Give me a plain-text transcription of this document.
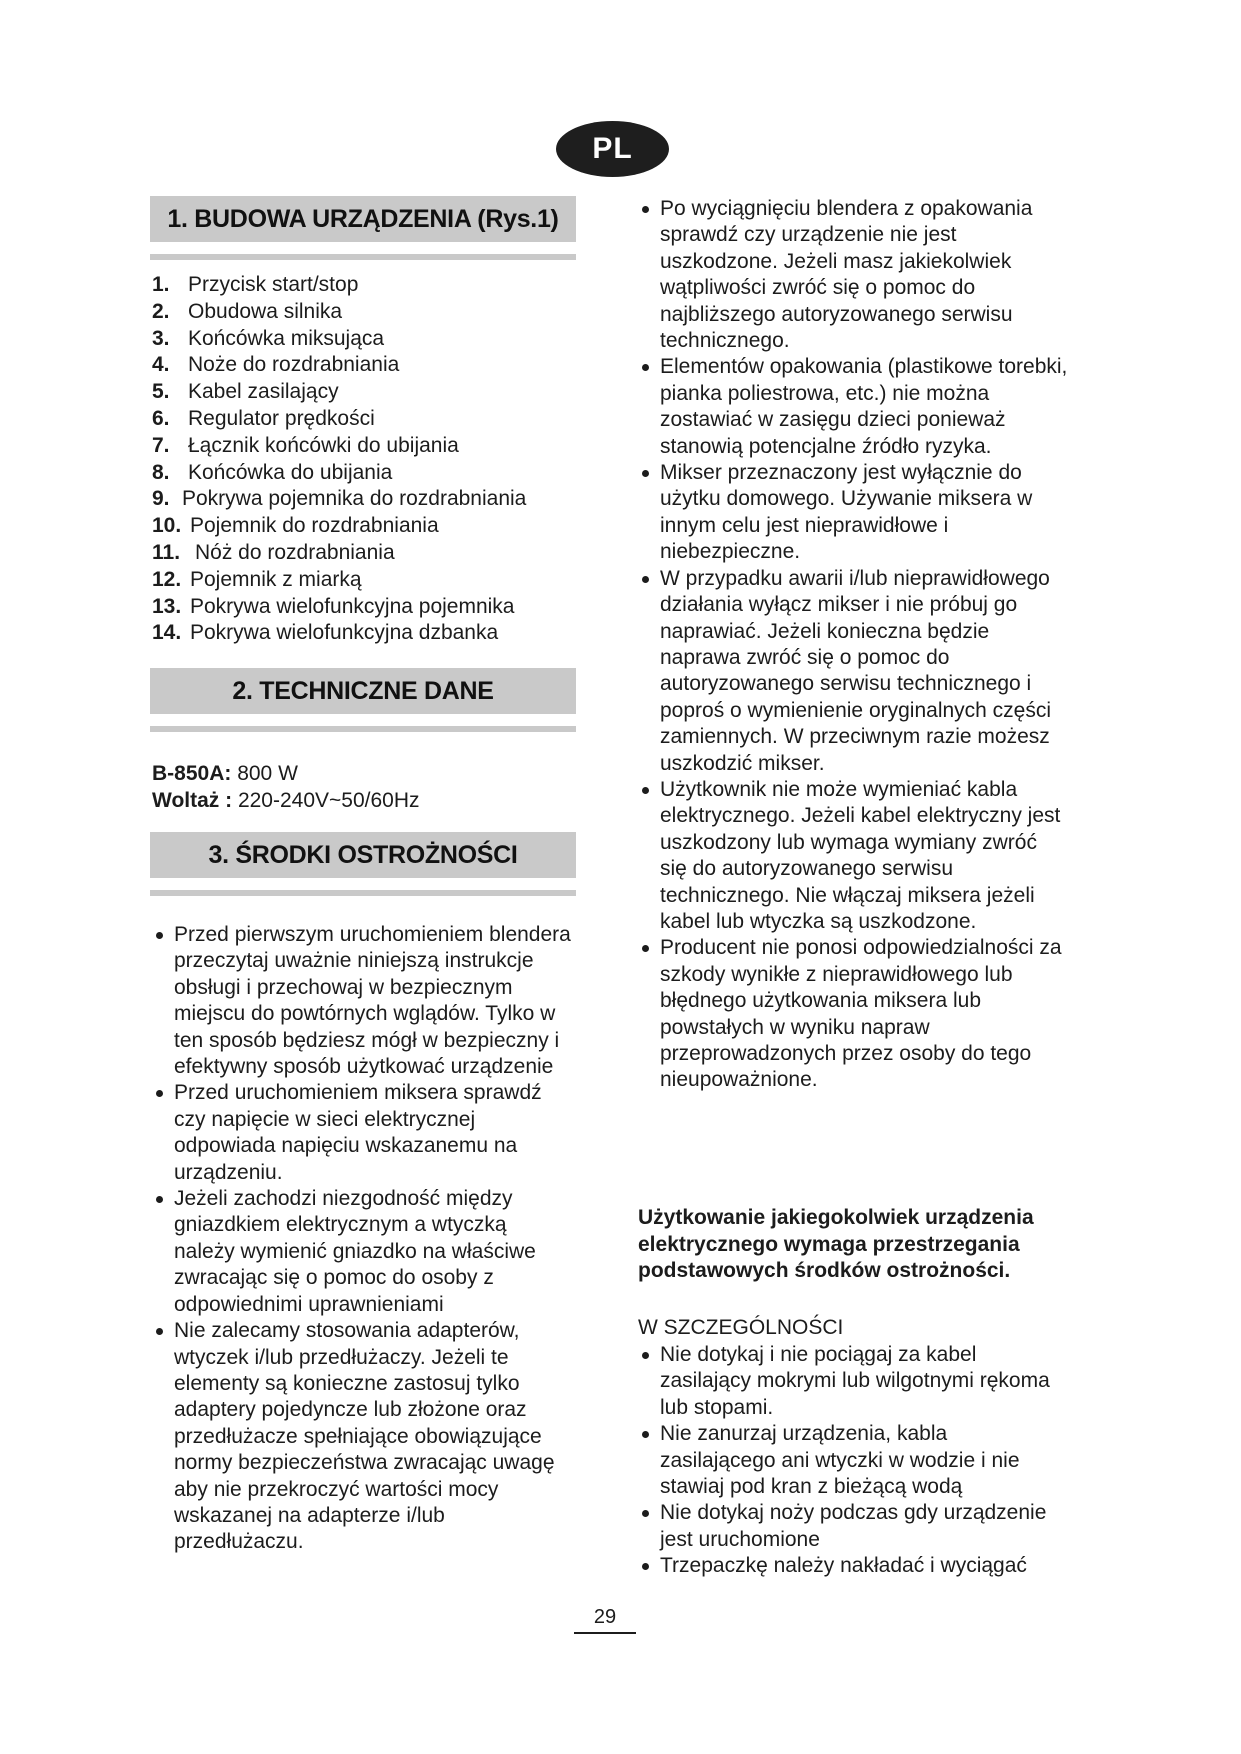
PL
1. BUDOWA URZĄDZENIA (Rys.1)
1. Przycisk start/stop
2. Obudowa silnika
3. Końcówka miksująca
4. Noże do rozdrabniania
5. Kabel zasilający
6. Regulator prędkości
7. Łącznik końcówki do ubijania
8. Końcówka do ubijania
9. Pokrywa pojemnika do rozdrabniania
10. Pojemnik do rozdrabniania
11. Nóż do rozdrabniania
12. Pojemnik z miarką
13. Pokrywa wielofunkcyjna pojemnika
14. Pokrywa wielofunkcyjna dzbanka
2. TECHNICZNE DANE
B-850A: 800 W
Woltaż : 220-240V~50/60Hz
3. ŚRODKI OSTROŻNOŚCI
Przed pierwszym uruchomieniem blendera przeczytaj uważnie niniejszą instrukcje obsługi i przechowaj w bezpiecznym miejscu do powtórnych wglądów. Tylko w ten sposób będziesz mógł w bezpieczny i efektywny sposób użytkować urządzenie
Przed uruchomieniem miksera sprawdź czy napięcie w sieci elektrycznej odpowiada napięciu wskazanemu na urządzeniu.
Jeżeli zachodzi niezgodność między gniazdkiem elektrycznym a wtyczką należy wymienić gniazdko na właściwe zwracając się o pomoc do osoby z odpowiednimi uprawnieniami
Nie zalecamy stosowania adapterów, wtyczek i/lub przedłużaczy. Jeżeli te elementy są konieczne zastosuj tylko adaptery pojedyncze lub złożone oraz przedłużacze spełniające obowiązujące normy bezpieczeństwa zwracając uwagę aby nie przekroczyć wartości mocy wskazanej na adapterze i/lub przedłużaczu.
Po wyciągnięciu blendera z opakowania sprawdź czy urządzenie nie jest uszkodzone. Jeżeli masz jakiekolwiek wątpliwości zwróć się o pomoc do najbliższego autoryzowanego serwisu technicznego.
Elementów opakowania (plastikowe torebki, pianka poliestrowa, etc.) nie można zostawiać w zasięgu dzieci ponieważ stanowią potencjalne źródło ryzyka.
Mikser przeznaczony jest wyłącznie do użytku domowego. Używanie miksera w innym celu jest nieprawidłowe i niebezpieczne.
W przypadku awarii i/lub nieprawidłowego działania wyłącz mikser i nie próbuj go naprawiać. Jeżeli konieczna będzie naprawa zwróć się o pomoc do autoryzowanego serwisu technicznego i poproś o wymienienie oryginalnych części zamiennych. W przeciwnym razie możesz uszkodzić mikser.
Użytkownik nie może wymieniać kabla elektrycznego. Jeżeli kabel elektryczny jest uszkodzony lub wymaga wymiany zwróć się do autoryzowanego serwisu technicznego. Nie włączaj miksera jeżeli kabel lub wtyczka są uszkodzone.
Producent nie ponosi odpowiedzialności za szkody wynikłe z nieprawidłowego lub błędnego użytkowania miksera lub powstałych w wyniku napraw przeprowadzonych przez osoby do tego nieupoważnione.
Użytkowanie jakiegokolwiek urządzenia elektrycznego wymaga przestrzegania podstawowych środków ostrożności.
W SZCZEGÓLNOŚCI
Nie dotykaj i nie pociągaj za kabel zasilający mokrymi lub wilgotnymi rękoma lub stopami.
Nie zanurzaj urządzenia, kabla zasilającego ani wtyczki w wodzie i nie stawiaj pod kran z bieżącą wodą
Nie dotykaj noży podczas gdy urządzenie jest uruchomione
Trzepaczkę należy nakładać i wyciągać
29
